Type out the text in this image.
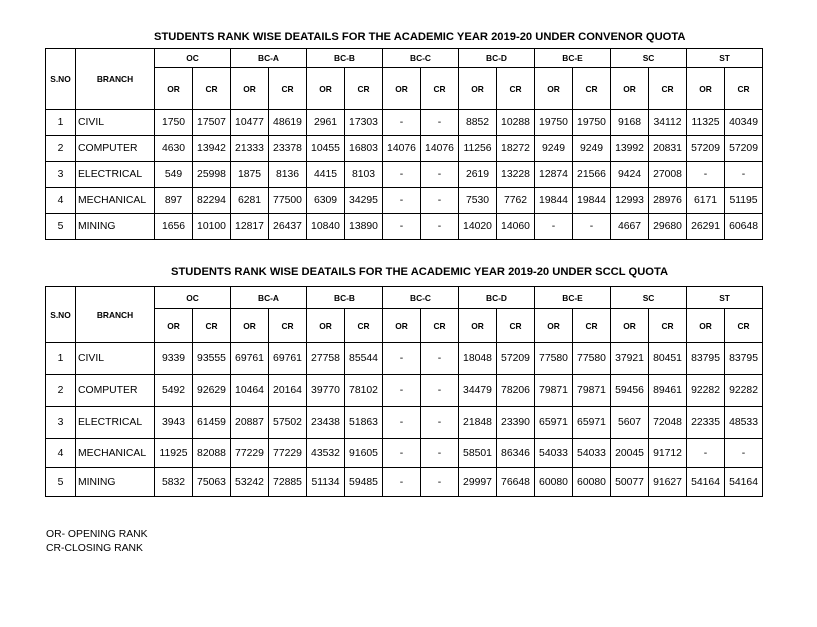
STUDENTS RANK WISE DEATAILS FOR THE ACADEMIC YEAR 2019-20 UNDER CONVENOR QUOTA
S.NO	BRANCH	OC		BC-A		BC-B		BC-C		BC-D		BC-E		SC		ST	
		OR	CR	OR	CR	OR	CR	OR	CR	OR	CR	OR	CR	OR	CR	OR	CR
1	CIVIL	1750	17507	10477	48619	2961	17303	-	-	8852	10288	19750	19750	9168	34112	11325	40349
2	COMPUTER	4630	13942	21333	23378	10455	16803	14076	14076	11256	18272	9249	9249	13992	20831	57209	57209
3	ELECTRICAL	549	25998	1875	8136	4415	8103	-	-	2619	13228	12874	21566	9424	27008	-	-
4	MECHANICAL	897	82294	6281	77500	6309	34295	-	-	7530	7762	19844	19844	12993	28976	6171	51195
5	MINING	1656	10100	12817	26437	10840	13890	-	-	14020	14060	-	-	4667	29680	26291	60648
STUDENTS RANK WISE DEATAILS FOR THE ACADEMIC YEAR 2019-20 UNDER SCCL QUOTA
S.NO	BRANCH	OC		BC-A		BC-B		BC-C		BC-D		BC-E		SC		ST	
		OR	CR	OR	CR	OR	CR	OR	CR	OR	CR	OR	CR	OR	CR	OR	CR
1	CIVIL	9339	93555	69761	69761	27758	85544	-	-	18048	57209	77580	77580	37921	80451	83795	83795
2	COMPUTER	5492	92629	10464	20164	39770	78102	-	-	34479	78206	79871	79871	59456	89461	92282	92282
3	ELECTRICAL	3943	61459	20887	57502	23438	51863	-	-	21848	23390	65971	65971	5607	72048	22335	48533
4	MECHANICAL	11925	82088	77229	77229	43532	91605	-	-	58501	86346	54033	54033	20045	91712	-	-
5	MINING	5832	75063	53242	72885	51134	59485	-	-	29997	76648	60080	60080	50077	91627	54164	54164
OR- OPENING RANK
CR-CLOSING RANK
